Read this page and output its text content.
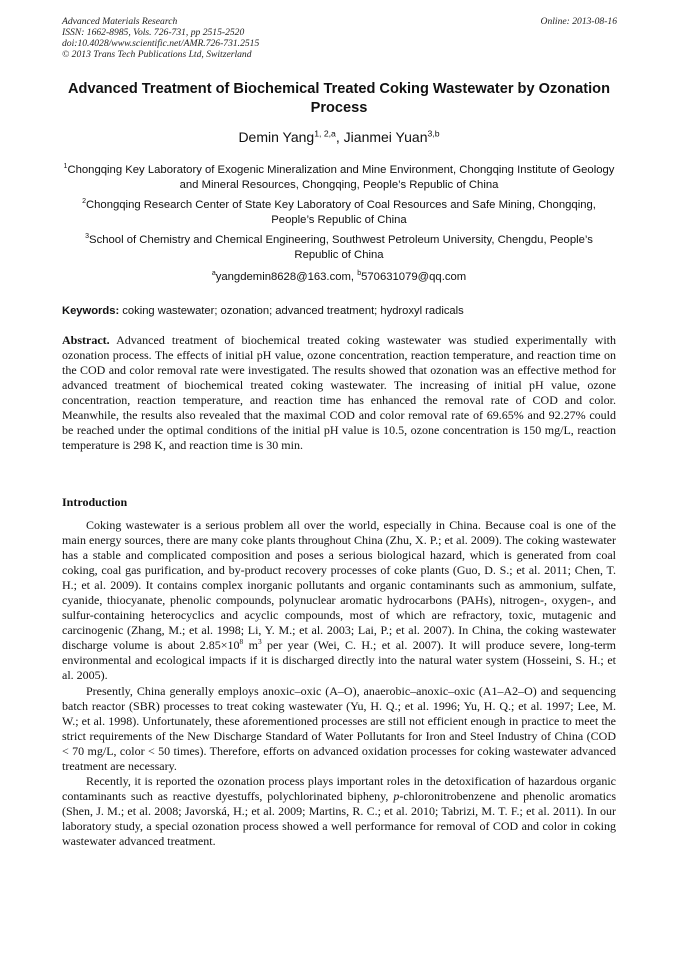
Advanced Materials Research
ISSN: 1662-8985, Vols. 726-731, pp 2515-2520
doi:10.4028/www.scientific.net/AMR.726-731.2515
© 2013 Trans Tech Publications Ltd, Switzerland
Online: 2013-08-16
Advanced Treatment of Biochemical Treated Coking Wastewater by Ozonation Process
Demin Yang$^{1, 2,a}$, Jianmei Yuan$^{3,b}$
$^1$Chongqing Key Laboratory of Exogenic Mineralization and Mine Environment, Chongqing Institute of Geology and Mineral Resources, Chongqing, People’s Republic of China
$^2$Chongqing Research Center of State Key Laboratory of Coal Resources and Safe Mining, Chongqing, People’s Republic of China
$^3$School of Chemistry and Chemical Engineering, Southwest Petroleum University, Chengdu, People’s Republic of China
$^a$yangdemin8628@163.com, $^b$570631079@qq.com
Keywords: coking wastewater; ozonation; advanced treatment; hydroxyl radicals
Abstract. Advanced treatment of biochemical treated coking wastewater was studied experimentally with ozonation process. The effects of initial pH value, ozone concentration, reaction temperature, and reaction time on the COD and color removal rate were investigated. The results showed that ozonation was an effective method for advanced treatment of biochemical treated coking wastewater. The increasing of initial pH value, ozone concentration, reaction temperature, and reaction time has enhanced the removal rate of COD and color. Meanwhile, the results also revealed that the maximal COD and color removal rate of 69.65% and 92.27% could be reached under the optimal conditions of the initial pH value is 10.5, ozone concentration is 150 mg/L, reaction temperature is 298 K, and reaction time is 30 min.
Introduction

Coking wastewater is a serious problem all over the world, especially in China. Because coal is one of the main energy sources, there are many coke plants throughout China (Zhu, X. P.; et al. 2009). The coking wastewater has a stable and complicated composition and poses a serious biological hazard, which is generated from coal coking, coal gas purification, and by-product recovery processes of coke plants (Guo, D. S.; et al. 2011; Chen, T. H.; et al. 2009). It contains complex inorganic pollutants and organic contaminants such as ammonium, sulfate, cyanide, thiocyanate, phenolic compounds, polynuclear aromatic hydrocarbons (PAHs), nitrogen-, oxygen-, and sulfur-containing heterocyclics and acyclic compounds, most of which are refractory, toxic, mutagenic and carcinogenic (Zhang, M.; et al. 1998; Li, Y. M.; et al. 2003; Lai, P.; et al. 2007). In China, the coking wastewater discharge volume is about $2.85\times 10^8$ $m^3$ per year (Wei, C. H.; et al. 2007). It will produce severe, long-term environmental and ecological impacts if it is discharged directly into the natural water system (Hosseini, S. H.; et al. 2005).

Presently, China generally employs anoxic–oxic (A–O), anaerobic–anoxic–oxic (A1–A2–O) and sequencing batch reactor (SBR) processes to treat coking wastewater (Yu, H. Q.; et al. 1996; Yu, H. Q.; et al. 1997; Lee, M. W.; et al. 1998). Unfortunately, these aforementioned processes are still not efficient enough in practice to meet the strict requirements of the New Discharge Standard of Water Pollutants for Iron and Steel Industry of China (COD < 70 mg/L, color < 50 times). Therefore, efforts on advanced oxidation processes for coking wastewater advanced treatment are necessary.

Recently, it is reported the ozonation process plays important roles in the detoxification of hazardous organic contaminants such as reactive dyestuffs, polychlorinated bipheny, p-chloronitrobenzene and phenolic aromatics (Shen, J. M.; et al. 2008; Javorská, H.; et al. 2009; Martins, R. C.; et al. 2010; Tabrizi, M. T. F.; et al. 2011). In our laboratory study, a special ozonation process showed a well performance for removal of COD and color in coking wastewater advanced treatment.
